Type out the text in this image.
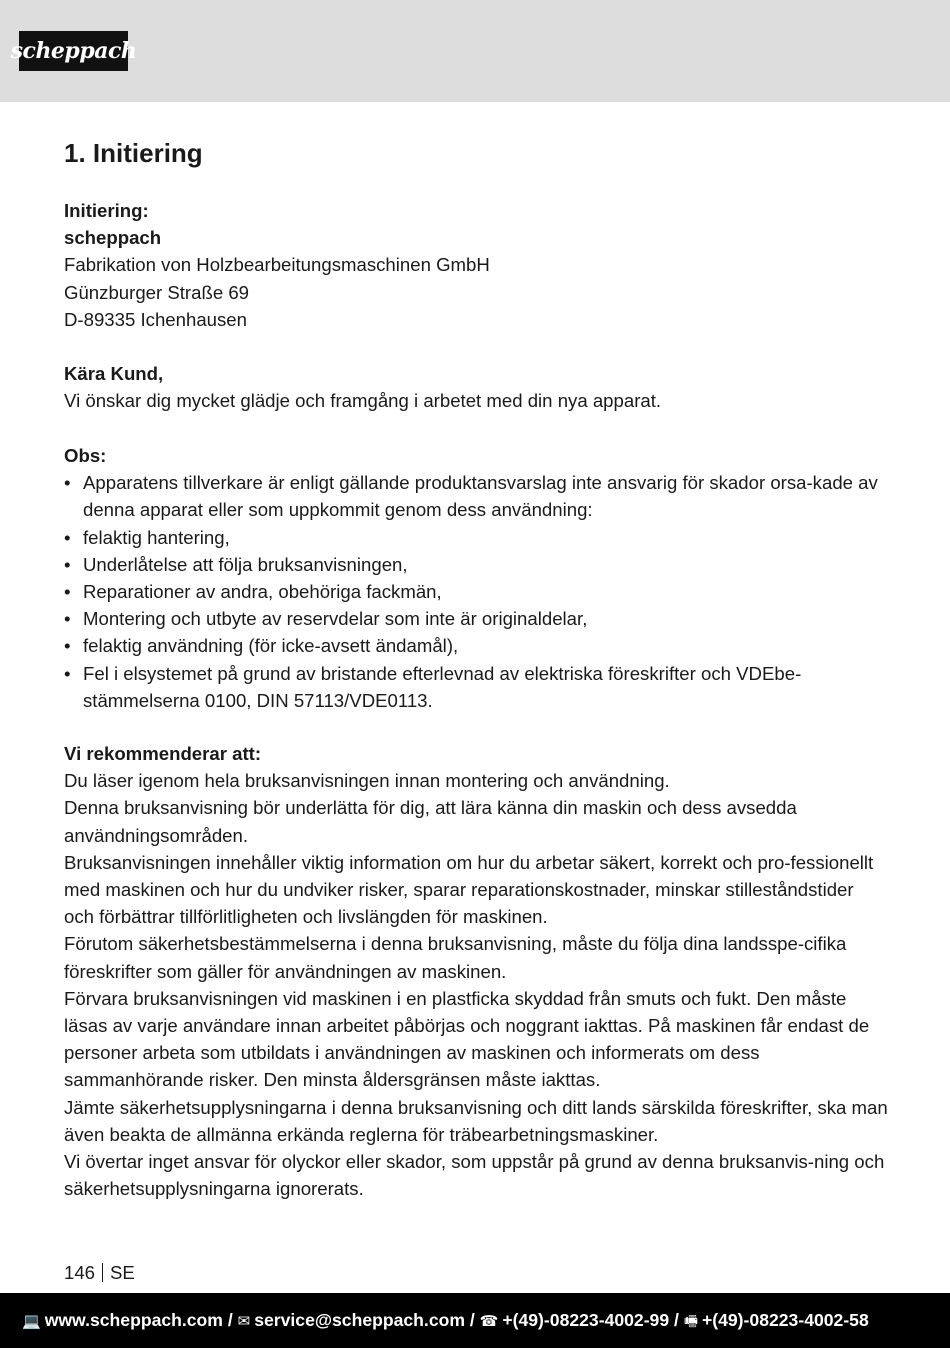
scheppach
1. Initiering
Initiering:
scheppach
Fabrikation von Holzbearbeitungsmaschinen GmbH
Günzburger Straße 69
D-89335 Ichenhausen
Kära Kund,
Vi önskar dig mycket glädje och framgång i arbetet med din nya apparat.
Obs:
• Apparatens tillverkare är enligt gällande produktansvarslag inte ansvarig för skador orsa-kade av denna apparat eller som uppkommit genom dess användning:
• felaktig hantering,
• Underlåtelse att följa bruksanvisningen,
• Reparationer av andra, obehöriga fackmän,
• Montering och utbyte av reservdelar som inte är originaldelar,
• felaktig användning (för icke-avsett ändamål),
• Fel i elsystemet på grund av bristande efterlevnad av elektriska föreskrifter och VDEbe-stämmelserna 0100, DIN 57113/VDE0113.
Vi rekommenderar att:
Du läser igenom hela bruksanvisningen innan montering och användning.
Denna bruksanvisning bör underlätta för dig, att lära känna din maskin och dess avsedda användningsområden.
Bruksanvisningen innehåller viktig information om hur du arbetar säkert, korrekt och pro-fessionellt med maskinen och hur du undviker risker, sparar reparationskostnader, minskar stilleståndstider och förbättrar tillförlitligheten och livslängden för maskinen.
Förutom säkerhetsbestämmelserna i denna bruksanvisning, måste du följa dina landsspe-cifika föreskrifter som gäller för användningen av maskinen.
Förvara bruksanvisningen vid maskinen i en plastficka skyddad från smuts och fukt. Den måste läsas av varje användare innan arbeitet påbörjas och noggrant iakttas. På maskinen får endast de personer arbeta som utbildats i användningen av maskinen och informerats om dess sammanhörande risker. Den minsta åldersgränsen måste iakttas.
Jämte säkerhetsupplysningarna i denna bruksanvisning och ditt lands särskilda föreskrifter, ska man även beakta de allmänna erkända reglerna för träbearbetningsmaskiner.
Vi övertar inget ansvar för olyckor eller skador, som uppstår på grund av denna bruksanvis-ning och säkerhetsupplysningarna ignorerats.
146 SE
💻 www.scheppach.com / ✉ service@scheppach.com / ☎ +(49)-08223-4002-99 / 🖷 +(49)-08223-4002-58
